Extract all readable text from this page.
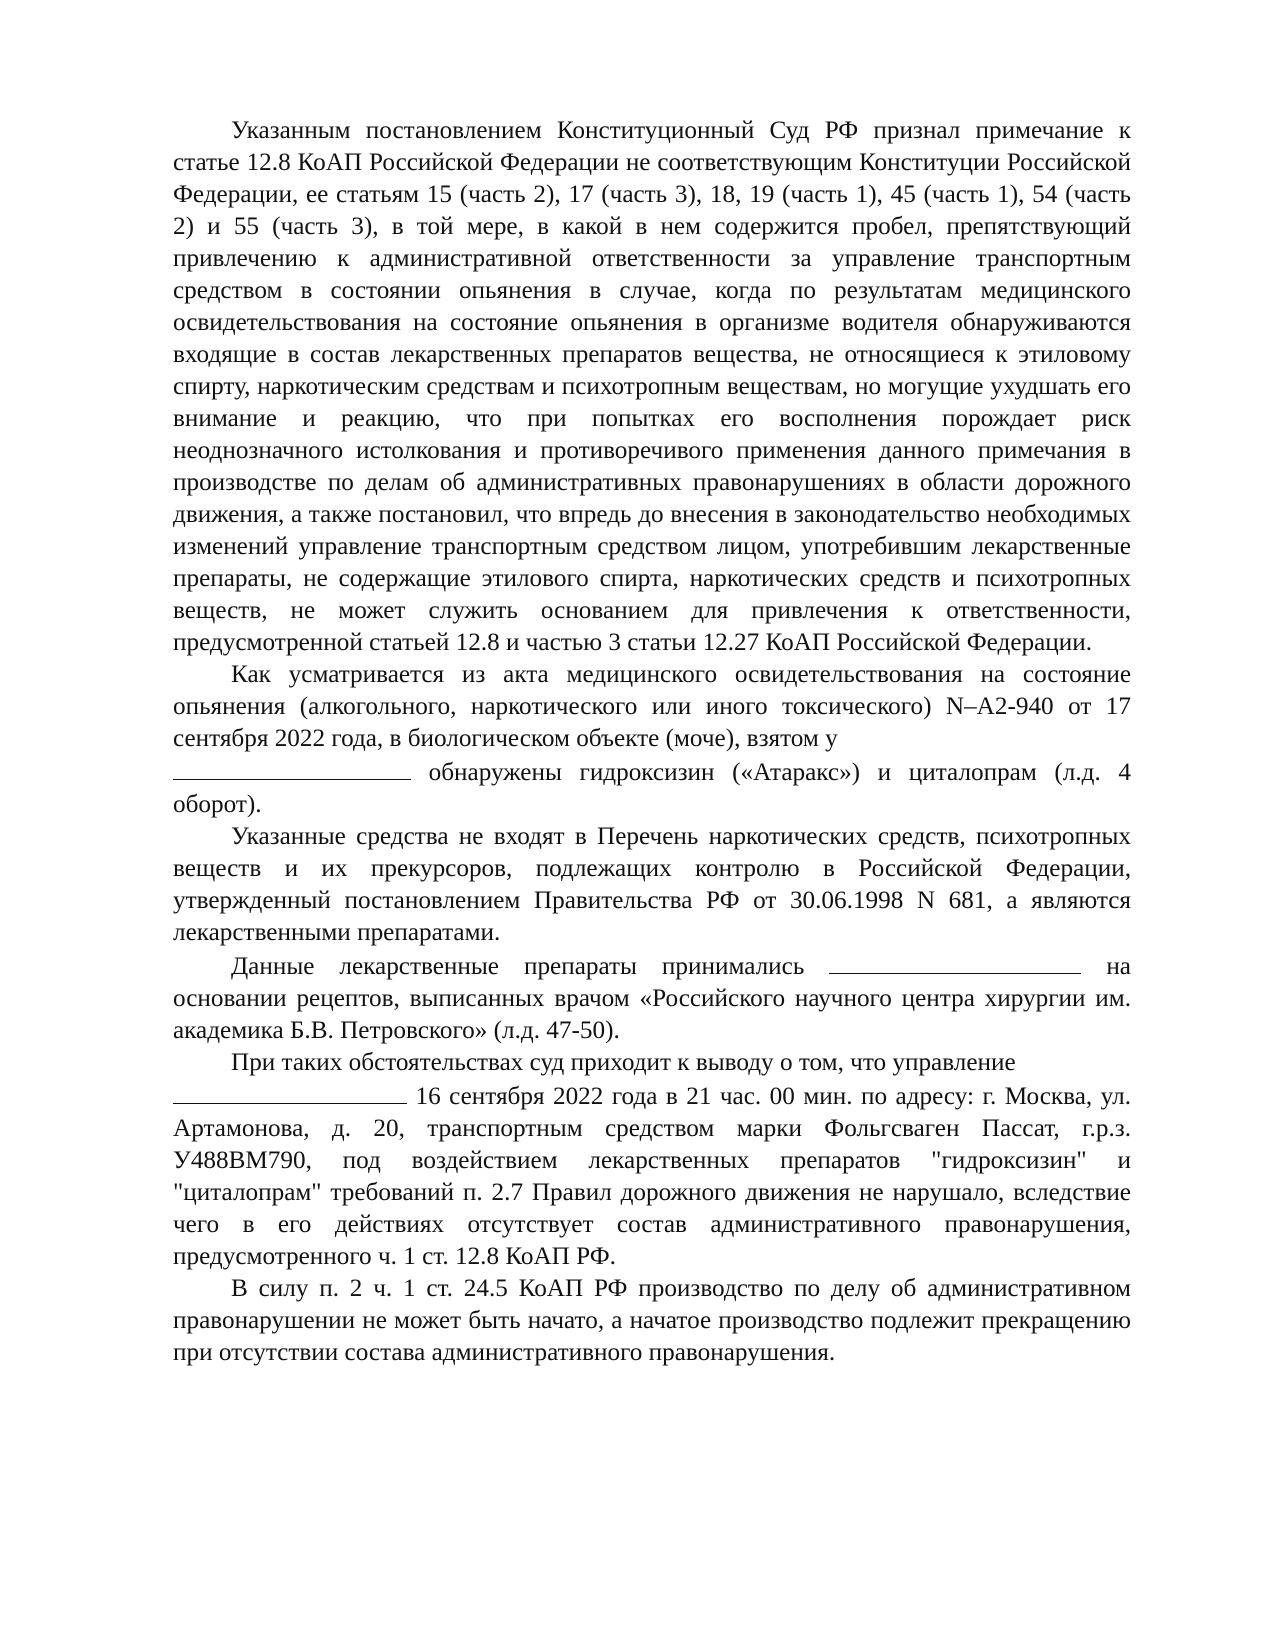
Указанным постановлением Конституционный Суд РФ признал примечание к статье 12.8 КоАП Российской Федерации не соответствующим Конституции Российской Федерации, ее статьям 15 (часть 2), 17 (часть 3), 18, 19 (часть 1), 45 (часть 1), 54 (часть 2) и 55 (часть 3), в той мере, в какой в нем содержится пробел, препятствующий привлечению к административной ответственности за управление транспортным средством в состоянии опьянения в случае, когда по результатам медицинского освидетельствования на состояние опьянения в организме водителя обнаруживаются входящие в состав лекарственных препаратов вещества, не относящиеся к этиловому спирту, наркотическим средствам и психотропным веществам, но могущие ухудшать его внимание и реакцию, что при попытках его восполнения порождает риск неоднозначного истолкования и противоречивого применения данного примечания в производстве по делам об административных правонарушениях в области дорожного движения, а также постановил, что впредь до внесения в законодательство необходимых изменений управление транспортным средством лицом, употребившим лекарственные препараты, не содержащие этилового спирта, наркотических средств и психотропных веществ, не может служить основанием для привлечения к ответственности, предусмотренной статьей 12.8 и частью 3 статьи 12.27 КоАП Российской Федерации.

Как усматривается из акта медицинского освидетельствования на состояние опьянения (алкогольного, наркотического или иного токсического) N–А2-940 от 17 сентября 2022 года, в биологическом объекте (моче), взятом у
обнаружены гидроксизин («Атаракс») и циталопрам (л.д. 4 оборот).

Указанные средства не входят в Перечень наркотических средств, психотропных веществ и их прекурсоров, подлежащих контролю в Российской Федерации, утвержденный постановлением Правительства РФ от 30.06.1998 N 681, а являются лекарственными препаратами.

Данные лекарственные препараты принимались	на основании рецептов, выписанных врачом «Российского научного центра хирургии им. академика Б.В. Петровского» (л.д. 47-50).

При таких обстоятельствах суд приходит к выводу о том, что управление
16 сентября 2022 года в 21 час. 00 мин. по адресу: г. Москва, ул. Артамонова, д. 20, транспортным средством марки Фольгсваген Пассат, г.р.з. У488ВМ790, под воздействием лекарственных препаратов "гидроксизин" и "циталопрам" требований п. 2.7 Правил дорожного движения не нарушало, вследствие чего в его действиях отсутствует состав административного правонарушения, предусмотренного ч. 1 ст. 12.8 КоАП РФ.

В силу п. 2 ч. 1 ст. 24.5 КоАП РФ производство по делу об административном правонарушении не может быть начато, а начатое производство подлежит прекращению при отсутствии состава административного правонарушения.
